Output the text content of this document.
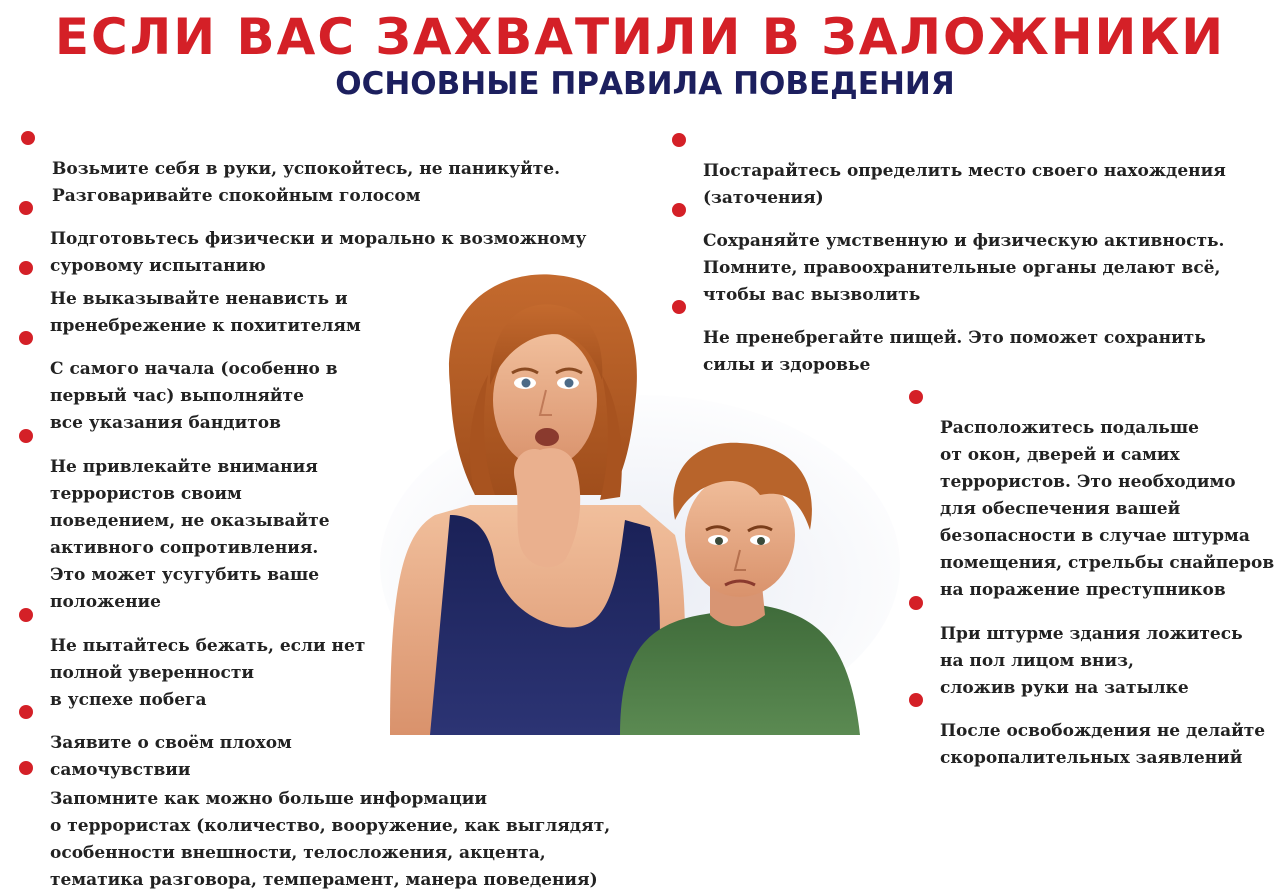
ЕСЛИ ВАС ЗАХВАТИЛИ В ЗАЛОЖНИКИ
ОСНОВНЫЕ ПРАВИЛА ПОВЕДЕНИЯ

Возьмите себя в руки, успокойтесь, не паникуйте.
Разговаривайте спокойным голосом

Подготовьтесь физически и морально к возможному
суровому испытанию

Не выказывайте ненависть и
пренебрежение к похитителям

С самого начала (особенно в
первый час) выполняйте
все указания бандитов

Не привлекайте внимания
террористов своим
поведением, не оказывайте
активного сопротивления.
Это может усугубить ваше
положение

Не пытайтесь бежать, если нет
полной уверенности
в успехе побега

Заявите о своём плохом
самочувствии

Запомните как можно больше информации
о террористах (количество, вооружение, как выглядят,
особенности внешности, телосложения, акцента,
тематика разговора, темперамент, манера поведения)

Постарайтесь определить место своего нахождения
(заточения)

Сохраняйте умственную и физическую активность.
Помните, правоохранительные органы делают всё,
чтобы вас вызволить

Не пренебрегайте пищей. Это поможет сохранить
силы и здоровье

Расположитесь подальше
от окон, дверей и самих
террористов. Это необходимо
для обеспечения вашей
безопасности в случае штурма
помещения, стрельбы снайперов
на поражение преступников

При штурме здания ложитесь
на пол лицом вниз,
сложив руки на затылке

После освобождения не делайте
скоропалительных заявлений
